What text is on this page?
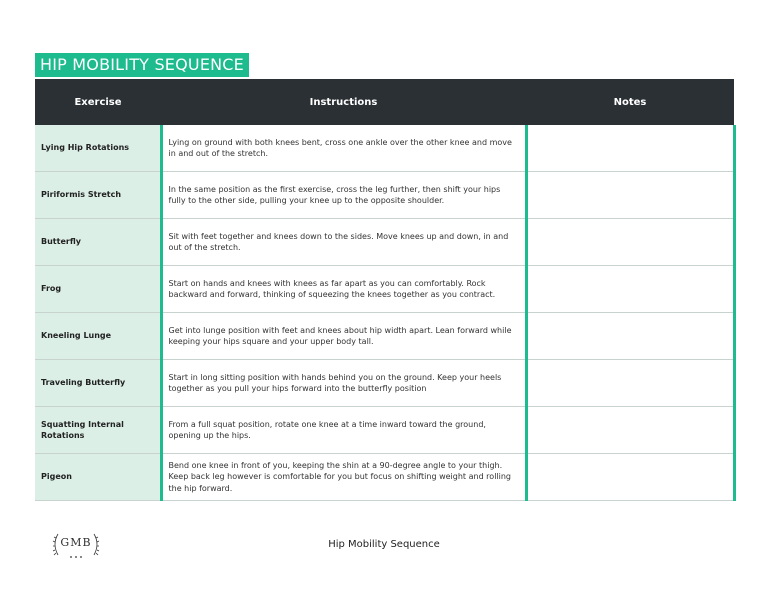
HIP MOBILITY SEQUENCE
Exercise	Instructions	Notes
Lying Hip Rotations	Lying on ground with both knees bent, cross one ankle over the other knee and move in and out of the stretch.	
Piriformis Stretch	In the same position as the first exercise, cross the leg further, then shift your hips fully to the other side, pulling your knee up to the opposite shoulder.	
Butterfly	Sit with feet together and knees down to the sides. Move knees up and down, in and out of the stretch.	
Frog	Start on hands and knees with knees as far apart as you can comfortably. Rock backward and forward, thinking of squeezing the knees together as you contract.	
Kneeling Lunge	Get into lunge position with feet and knees about hip width apart. Lean forward while keeping your hips square and your upper body tall.	
Traveling Butterfly	Start in long sitting position with hands behind you on the ground. Keep your heels together as you pull your hips forward into the butterfly position	
Squatting Internal Rotations	From a full squat position, rotate one knee at a time inward toward the ground, opening up the hips.	
Pigeon	Bend one knee in front of you, keeping the shin at a 90-degree angle to your thigh. Keep back leg however is comfortable for you but focus on shifting weight and rolling the hip forward.	
GMB	Hip Mobility Sequence
